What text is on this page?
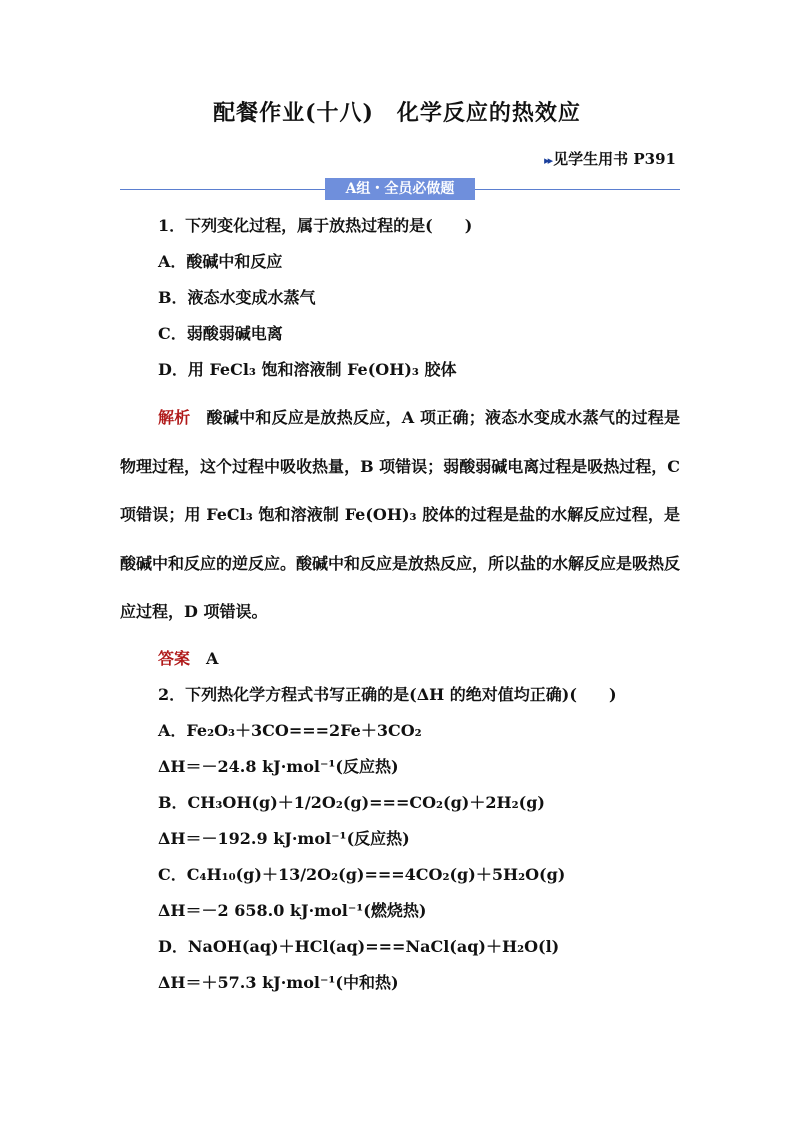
配餐作业(十八)　化学反应的热效应
▸▸ 见学生用书 P391
A组・全员必做题
1．下列变化过程，属于放热过程的是(　　)
A．酸碱中和反应
B．液态水变成水蒸气
C．弱酸弱碱电离
D．用 FeCl₃ 饱和溶液制 Fe(OH)₃ 胶体
解析 酸碱中和反应是放热反应，A 项正确；液态水变成水蒸气的过程是物理过程，这个过程中吸收热量，B 项错误；弱酸弱碱电离过程是吸热过程，C 项错误；用 FeCl₃ 饱和溶液制 Fe(OH)₃ 胶体的过程是盐的水解反应过程，是酸碱中和反应的逆反应。酸碱中和反应是放热反应，所以盐的水解反应是吸热反应过程，D 项错误。
答案 A
2．下列热化学方程式书写正确的是(ΔH 的绝对值均正确)(　　)
A．Fe₂O₃＋3CO===2Fe＋3CO₂
ΔH＝－24.8 kJ·mol⁻¹(反应热)
B．CH₃OH(g)＋1/2O₂(g)===CO₂(g)＋2H₂(g)
ΔH＝－192.9 kJ·mol⁻¹(反应热)
C．C₄H₁₀(g)＋13/2O₂(g)===4CO₂(g)＋5H₂O(g)
ΔH＝－2 658.0 kJ·mol⁻¹(燃烧热)
D．NaOH(aq)＋HCl(aq)===NaCl(aq)＋H₂O(l)
ΔH＝＋57.3 kJ·mol⁻¹(中和热)
